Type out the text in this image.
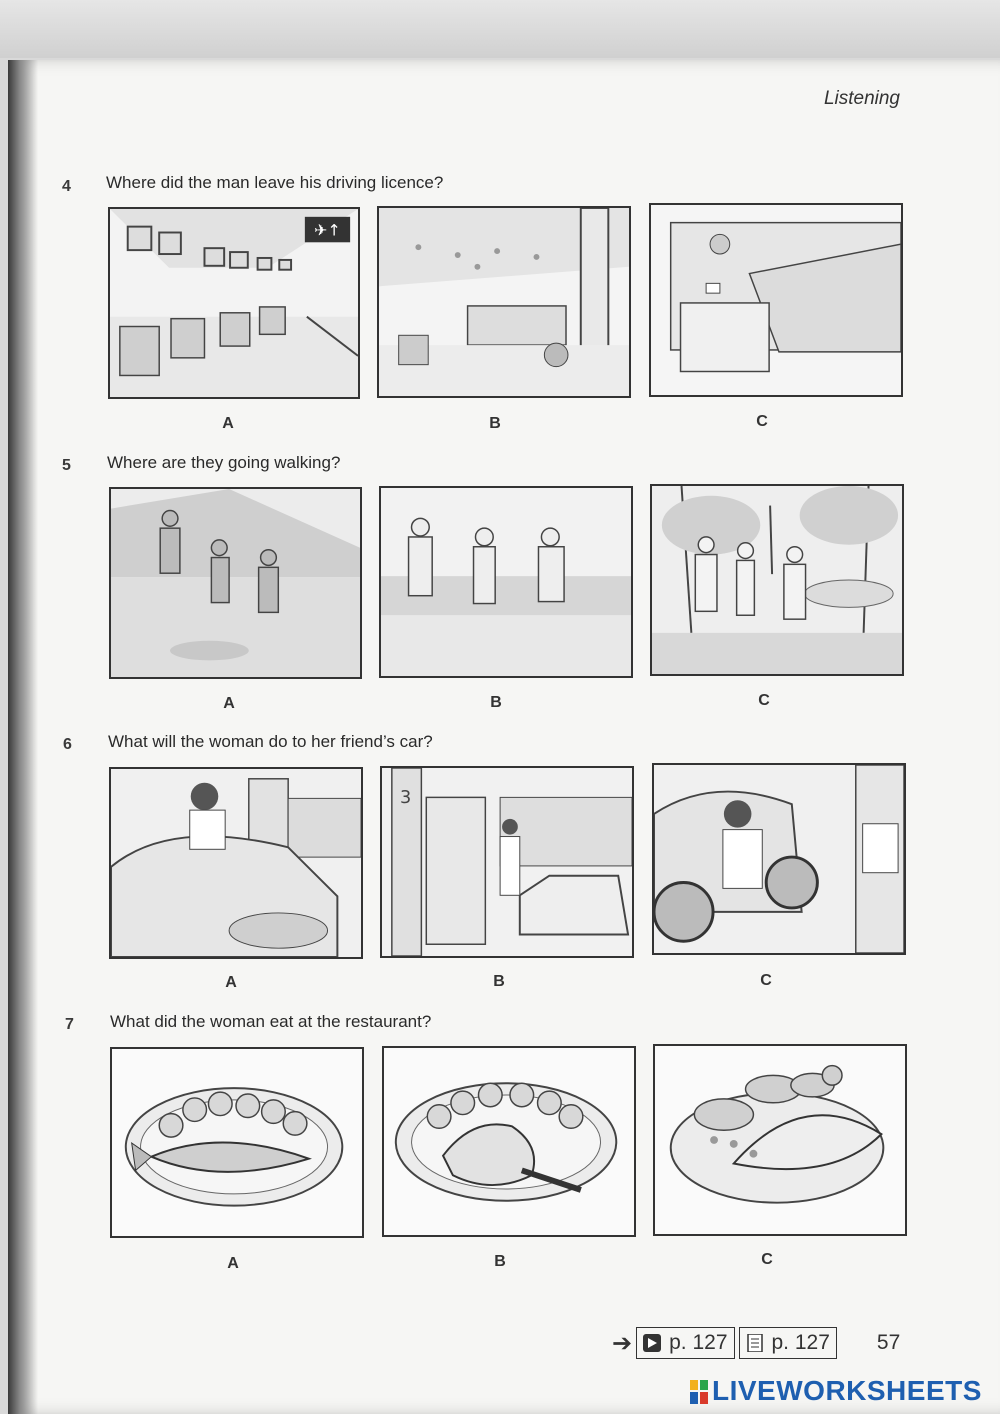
Listening
4 Where did the man leave his driving licence?
✈↑
A	B	C
5 Where are they going walking?
A	B	C
6 What will the woman do to her friend’s car?
A
3
B	C
7 What did the woman eat at the restaurant?
A	B	C
➔ p. 127 p. 127 57
LIVEWORKSHEETS
